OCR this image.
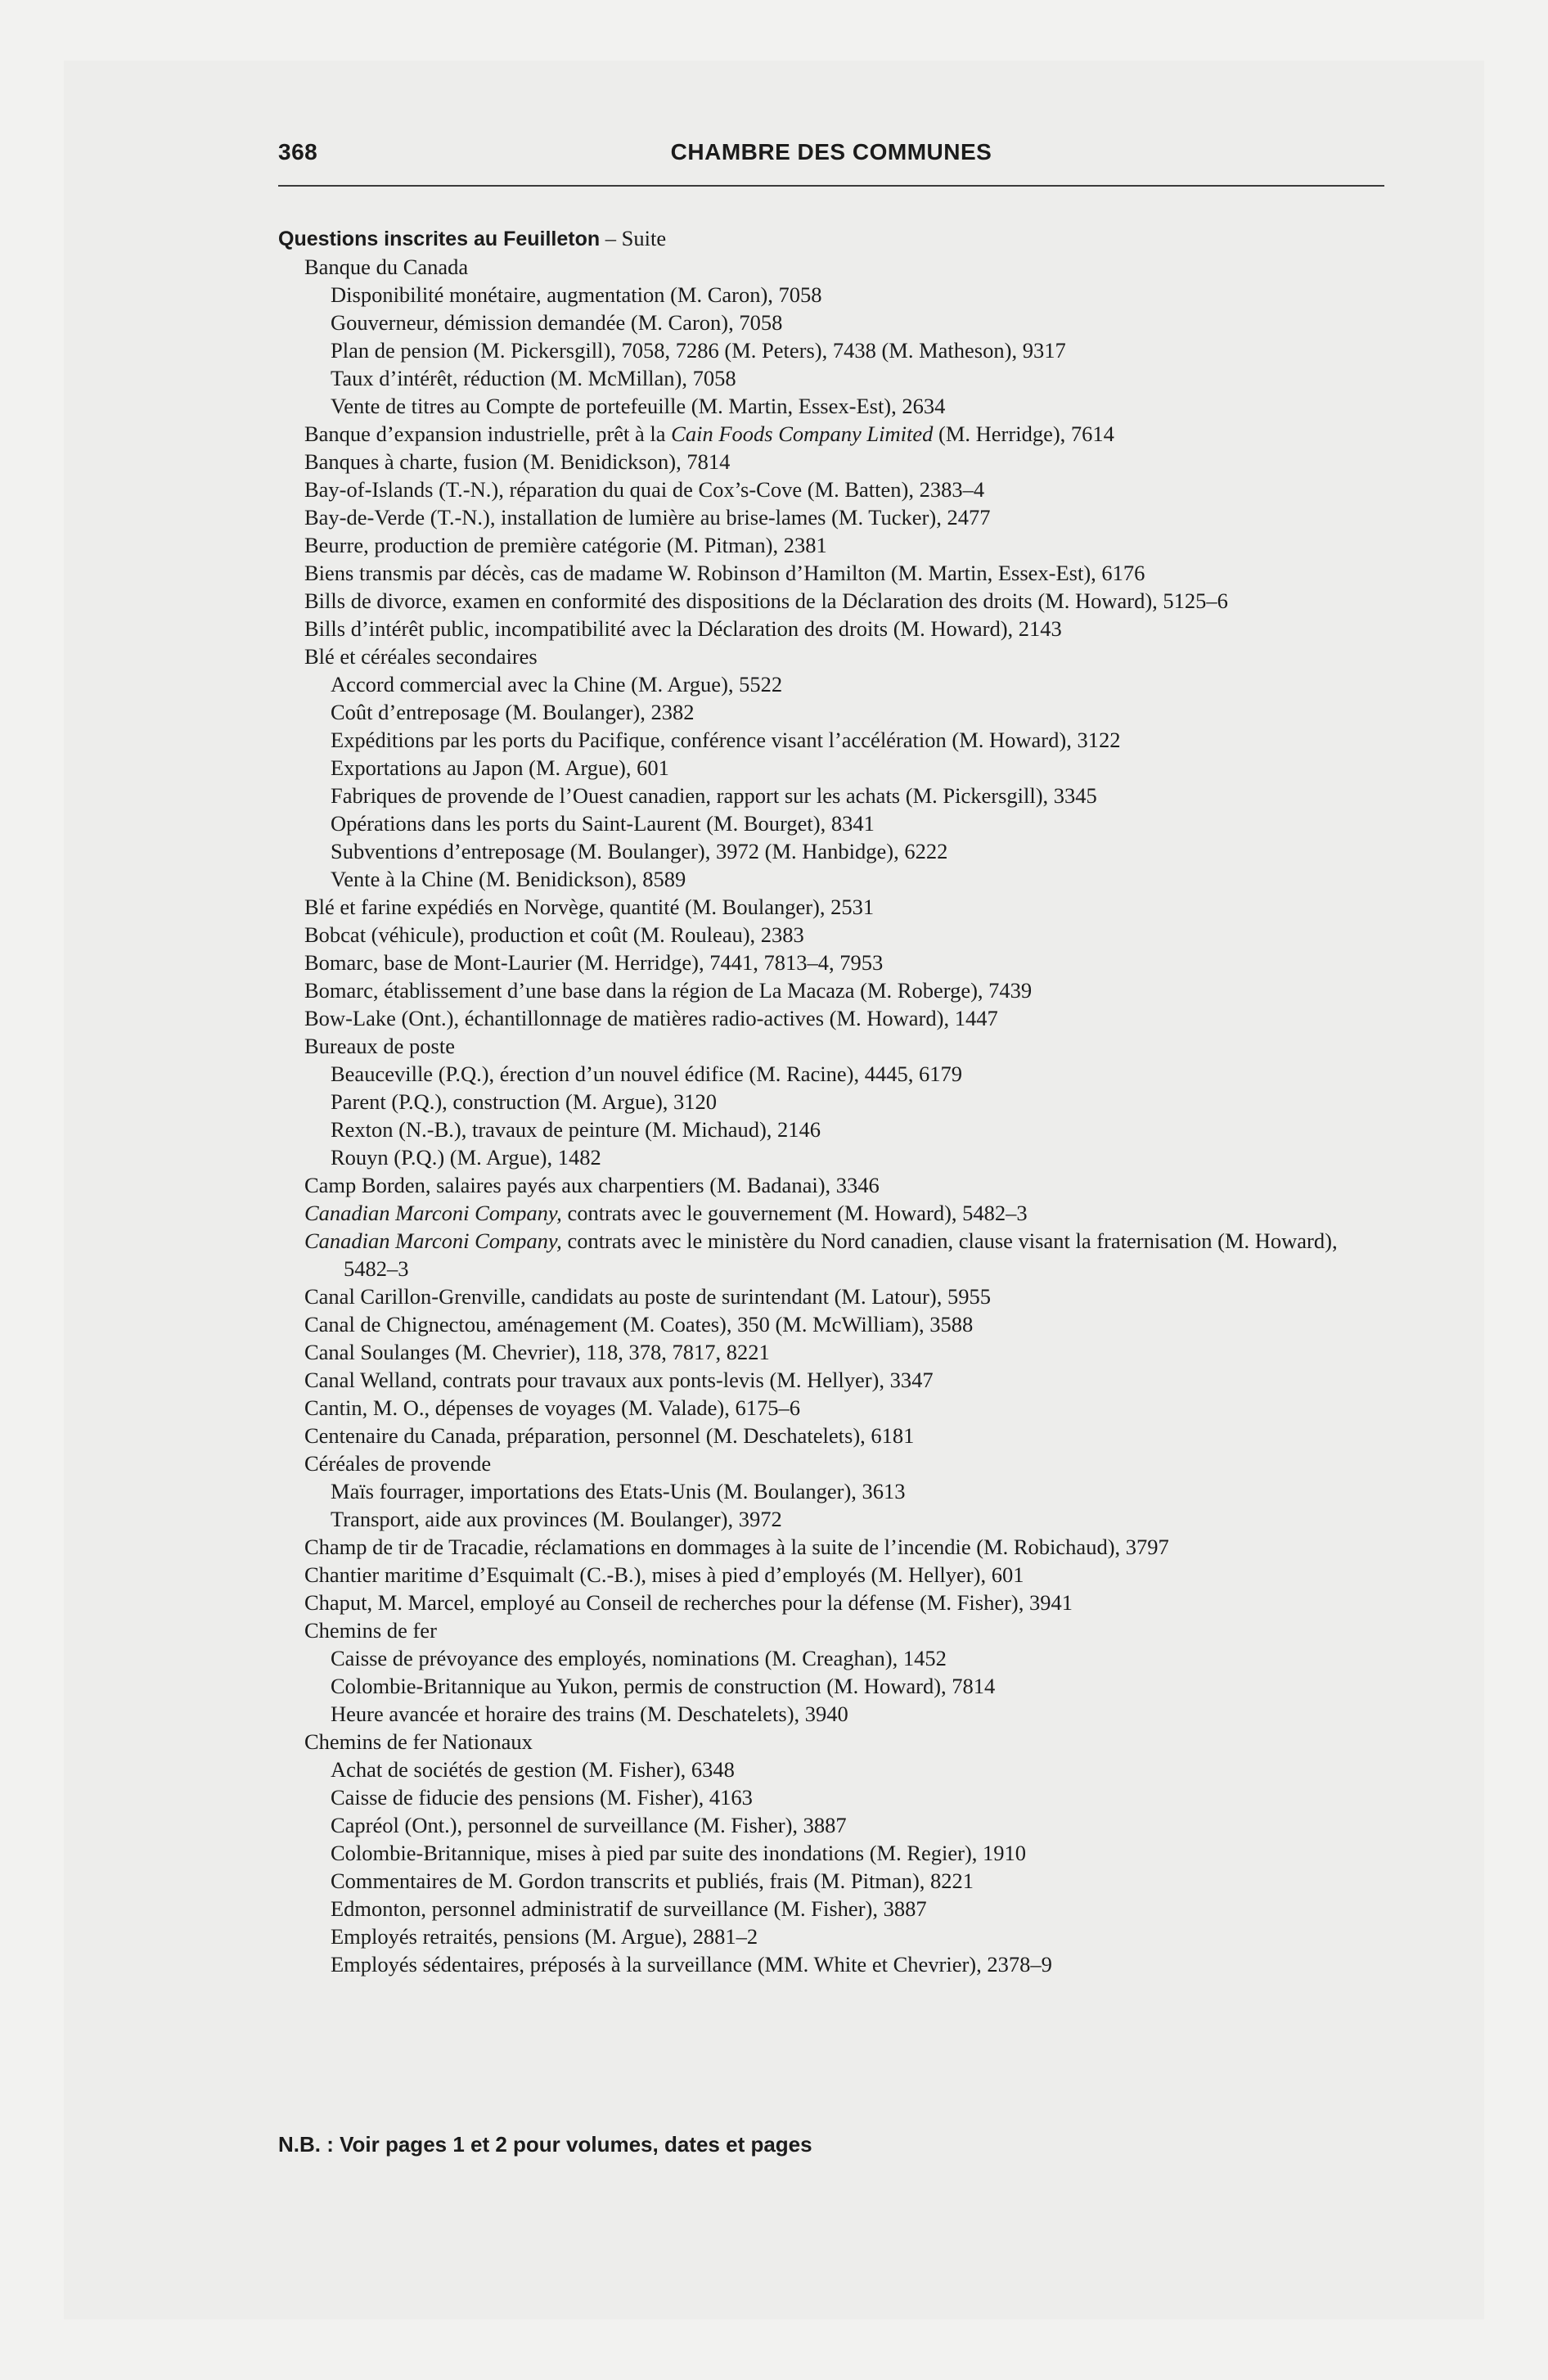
368	CHAMBRE DES COMMUNES
Questions inscrites au Feuilleton – Suite
Banque du Canada
Disponibilité monétaire, augmentation (M. Caron), 7058
Gouverneur, démission demandée (M. Caron), 7058
Plan de pension (M. Pickersgill), 7058, 7286 (M. Peters), 7438 (M. Matheson), 9317
Taux d’intérêt, réduction (M. McMillan), 7058
Vente de titres au Compte de portefeuille (M. Martin, Essex-Est), 2634
Banque d’expansion industrielle, prêt à la Cain Foods Company Limited (M. Herridge), 7614
Banques à charte, fusion (M. Benidickson), 7814
Bay-of-Islands (T.-N.), réparation du quai de Cox’s-Cove (M. Batten), 2383–4
Bay-de-Verde (T.-N.), installation de lumière au brise-lames (M. Tucker), 2477
Beurre, production de première catégorie (M. Pitman), 2381
Biens transmis par décès, cas de madame W. Robinson d’Hamilton (M. Martin, Essex-Est), 6176
Bills de divorce, examen en conformité des dispositions de la Déclaration des droits (M. Howard), 5125–6
Bills d’intérêt public, incompatibilité avec la Déclaration des droits (M. Howard), 2143
Blé et céréales secondaires
Accord commercial avec la Chine (M. Argue), 5522
Coût d’entreposage (M. Boulanger), 2382
Expéditions par les ports du Pacifique, conférence visant l’accélération (M. Howard), 3122
Exportations au Japon (M. Argue), 601
Fabriques de provende de l’Ouest canadien, rapport sur les achats (M. Pickersgill), 3345
Opérations dans les ports du Saint-Laurent (M. Bourget), 8341
Subventions d’entreposage (M. Boulanger), 3972 (M. Hanbidge), 6222
Vente à la Chine (M. Benidickson), 8589
Blé et farine expédiés en Norvège, quantité (M. Boulanger), 2531
Bobcat (véhicule), production et coût (M. Rouleau), 2383
Bomarc, base de Mont-Laurier (M. Herridge), 7441, 7813–4, 7953
Bomarc, établissement d’une base dans la région de La Macaza (M. Roberge), 7439
Bow-Lake (Ont.), échantillonnage de matières radio-actives (M. Howard), 1447
Bureaux de poste
Beauceville (P.Q.), érection d’un nouvel édifice (M. Racine), 4445, 6179
Parent (P.Q.), construction (M. Argue), 3120
Rexton (N.-B.), travaux de peinture (M. Michaud), 2146
Rouyn (P.Q.) (M. Argue), 1482
Camp Borden, salaires payés aux charpentiers (M. Badanai), 3346
Canadian Marconi Company, contrats avec le gouvernement (M. Howard), 5482–3
Canadian Marconi Company, contrats avec le ministère du Nord canadien, clause visant la fraternisation (M. Howard), 5482–3
Canal Carillon-Grenville, candidats au poste de surintendant (M. Latour), 5955
Canal de Chignectou, aménagement (M. Coates), 350 (M. McWilliam), 3588
Canal Soulanges (M. Chevrier), 118, 378, 7817, 8221
Canal Welland, contrats pour travaux aux ponts-levis (M. Hellyer), 3347
Cantin, M. O., dépenses de voyages (M. Valade), 6175–6
Centenaire du Canada, préparation, personnel (M. Deschatelets), 6181
Céréales de provende
Maïs fourrager, importations des Etats-Unis (M. Boulanger), 3613
Transport, aide aux provinces (M. Boulanger), 3972
Champ de tir de Tracadie, réclamations en dommages à la suite de l’incendie (M. Robichaud), 3797
Chantier maritime d’Esquimalt (C.-B.), mises à pied d’employés (M. Hellyer), 601
Chaput, M. Marcel, employé au Conseil de recherches pour la défense (M. Fisher), 3941
Chemins de fer
Caisse de prévoyance des employés, nominations (M. Creaghan), 1452
Colombie-Britannique au Yukon, permis de construction (M. Howard), 7814
Heure avancée et horaire des trains (M. Deschatelets), 3940
Chemins de fer Nationaux
Achat de sociétés de gestion (M. Fisher), 6348
Caisse de fiducie des pensions (M. Fisher), 4163
Capréol (Ont.), personnel de surveillance (M. Fisher), 3887
Colombie-Britannique, mises à pied par suite des inondations (M. Regier), 1910
Commentaires de M. Gordon transcrits et publiés, frais (M. Pitman), 8221
Edmonton, personnel administratif de surveillance (M. Fisher), 3887
Employés retraités, pensions (M. Argue), 2881–2
Employés sédentaires, préposés à la surveillance (MM. White et Chevrier), 2378–9
N.B. : Voir pages 1 et 2 pour volumes, dates et pages
